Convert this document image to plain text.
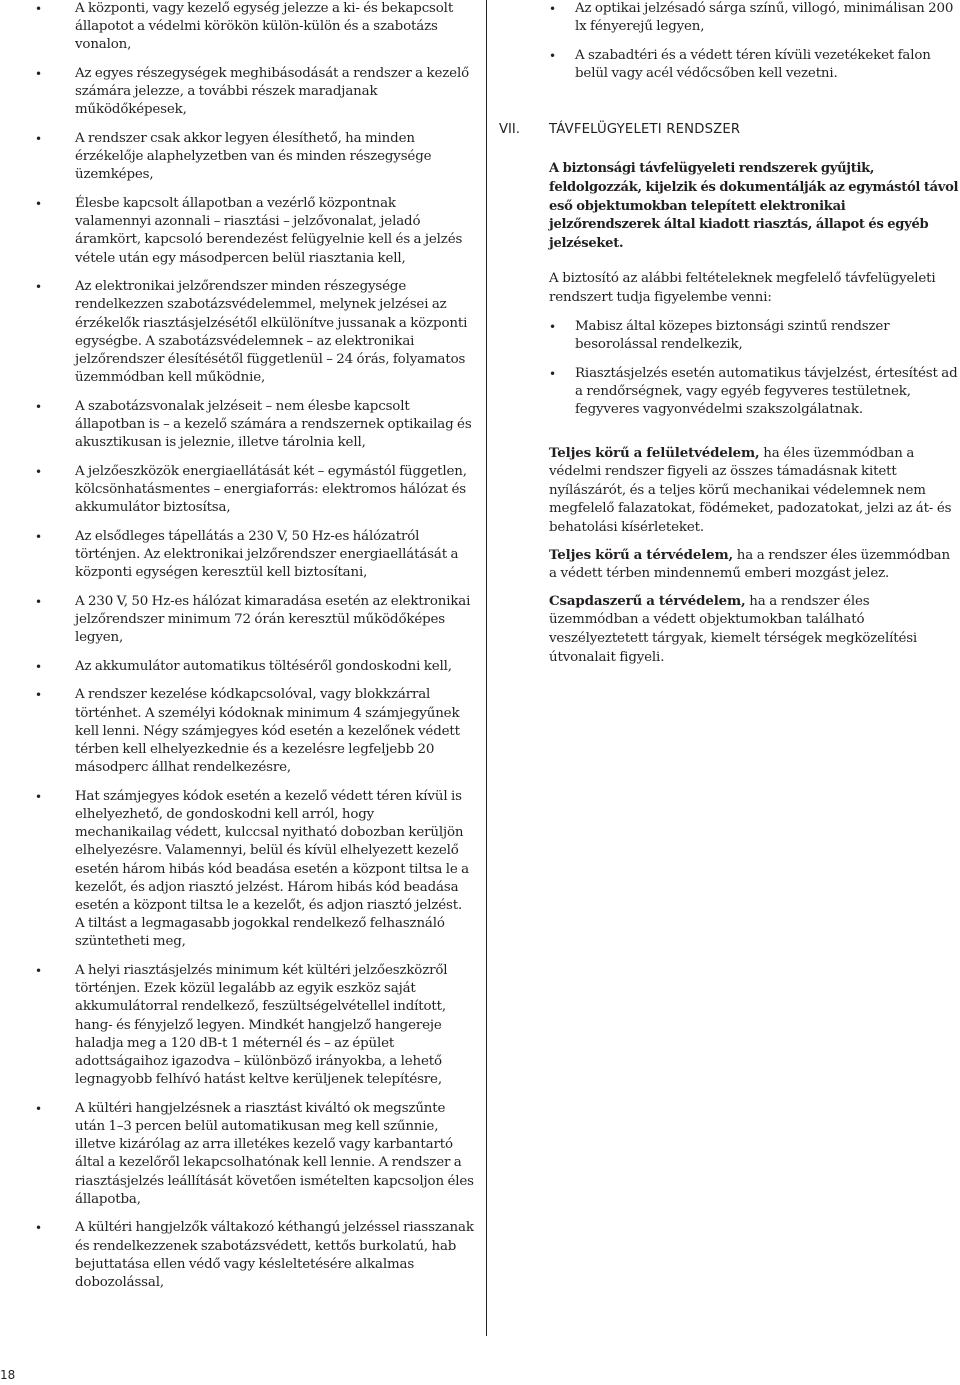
• A központi, vagy kezelő egység jelezze a ki- és bekapcsolt állapotot a védelmi körökön külön-külön és a szabotázs vonalon,
• Az egyes részegységek meghibásodását a rendszer a kezelő számára jelezze, a további részek maradjanak működőképesek,
• A rendszer csak akkor legyen élesíthető, ha minden érzékelője alaphelyzetben van és minden részegysége üzemképes,
• Élesbe kapcsolt állapotban a vezérlő központnak valamennyi azonnali – riasztási – jelzővonalat, jeladó áramkört, kapcsoló berendezést felügyelnie kell és a jelzés vétele után egy másodpercen belül riasztania kell,
• Az elektronikai jelzőrendszer minden részegysége rendelkezzen szabotázsvédelemmel, melynek jelzései az érzékelők riasztásjelzésétől elkülönítve jussanak a központi egységbe. A szabotázsvédelemnek – az elektronikai jelzőrendszer élesítésétől függetlenül – 24 órás, folyamatos üzemmódban kell működnie,
• A szabotázsvonalak jelzéseit – nem élesbe kapcsolt állapotban is – a kezelő számára a rendszernek optikailag és akusztikusan is jeleznie, illetve tárolnia kell,
• A jelzőeszközök energiaellátását két – egymástól független, kölcsönhatásmentes – energiaforrás: elektromos hálózat és akkumulátor biztosítsa,
• Az elsődleges tápellátás a 230 V, 50 Hz-es hálózatról történjen. Az elektronikai jelzőrendszer energiaellátását a központi egységen keresztül kell biztosítani,
• A 230 V, 50 Hz-es hálózat kimaradása esetén az elektronikai jelzőrendszer minimum 72 órán keresztül működőképes legyen,
• Az akkumulátor automatikus töltéséről gondoskodni kell,
• A rendszer kezelése kódkapcsolóval, vagy blokkzárral történhet. A személyi kódoknak minimum 4 számjegyűnek kell lenni. Négy számjegyes kód esetén a kezelőnek védett térben kell elhelyezkednie és a kezelésre legfeljebb 20 másodperc állhat rendelkezésre,
• Hat számjegyes kódok esetén a kezelő védett téren kívül is elhelyezhető, de gondoskodni kell arról, hogy mechanikailag védett, kulccsal nyitható dobozban kerüljön elhelyezésre. Valamennyi, belül és kívül elhelyezett kezelő esetén három hibás kód beadása esetén a központ tiltsa le a kezelőt, és adjon riasztó jelzést. Három hibás kód beadása esetén a központ tiltsa le a kezelőt, és adjon riasztó jelzést. A tiltást a legmagasabb jogokkal rendelkező felhasználó szüntetheti meg,
• A helyi riasztásjelzés minimum két kültéri jelzőeszközről történjen. Ezek közül legalább az egyik eszköz saját akkumulátorral rendelkező, feszültségelvétellel indított, hang- és fényjelző legyen. Mindkét hangjelző hangereje haladja meg a 120 dB-t 1 méternél és – az épület adottságaihoz igazodva – különböző irányokba, a lehető legnagyobb felhívó hatást keltve kerüljenek telepítésre,
• A kültéri hangjelzésnek a riasztást kiváltó ok megszűnte után 1–3 percen belül automatikusan meg kell szűnnie, illetve kizárólag az arra illetékes kezelő vagy karbantartó által a kezelőről lekapcsolhatónak kell lennie. A rendszer a riasztásjelzés leállítását követően ismételten kapcsoljon éles állapotba,
• A kültéri hangjelzők váltakozó kéthangú jelzéssel riasszanak és rendelkezzenek szabotázsvédett, kettős burkolatú, hab bejuttatása ellen védő vagy késleltetésére alkalmas dobozolással,
• Az optikai jelzésadó sárga színű, villogó, minimálisan 200 lx fényerejű legyen,
• A szabadtéri és a védett téren kívüli vezetékeket falon belül vagy acél védőcsőben kell vezetni.

A biztonsági távfelügyeleti rendszerek gyűjtik, feldolgozzák, kijelzik és dokumentálják az egymástól távol eső objektumokban telepített elektronikai jelzőrendszerek által kiadott riasztás, állapot és egyéb jelzéseket.

A biztosító az alábbi feltételeknek megfelelő távfelügyeleti rendszert tudja figyelembe venni:

• Mabisz által közepes biztonsági szintű rendszer besorolással rendelkezik,
• Riasztásjelzés esetén automatikus távjelzést, értesítést ad a rendőrségnek, vagy egyéb fegyveres testületnek, fegyveres vagyonvédelmi szakszolgálatnak.

Teljes körű a felületvédelem, ha éles üzemmódban a védelmi rendszer figyeli az összes támadásnak kitett nyílászárót, és a teljes körű mechanikai védelemnek nem megfelelő falazatokat, födémeket, padozatokat, jelzi az át- és behatolási kísérleteket.

Teljes körű a térvédelem, ha a rendszer éles üzemmódban a védett térben mindennemű emberi mozgást jelez.

Csapdaszerű a térvédelem, ha a rendszer éles üzemmódban a védett objektumokban található veszélyeztetett tárgyak, kiemelt térségek megközelítési útvonalait figyeli.

VII. TÁVFELÜGYELETI RENDSZER
18
